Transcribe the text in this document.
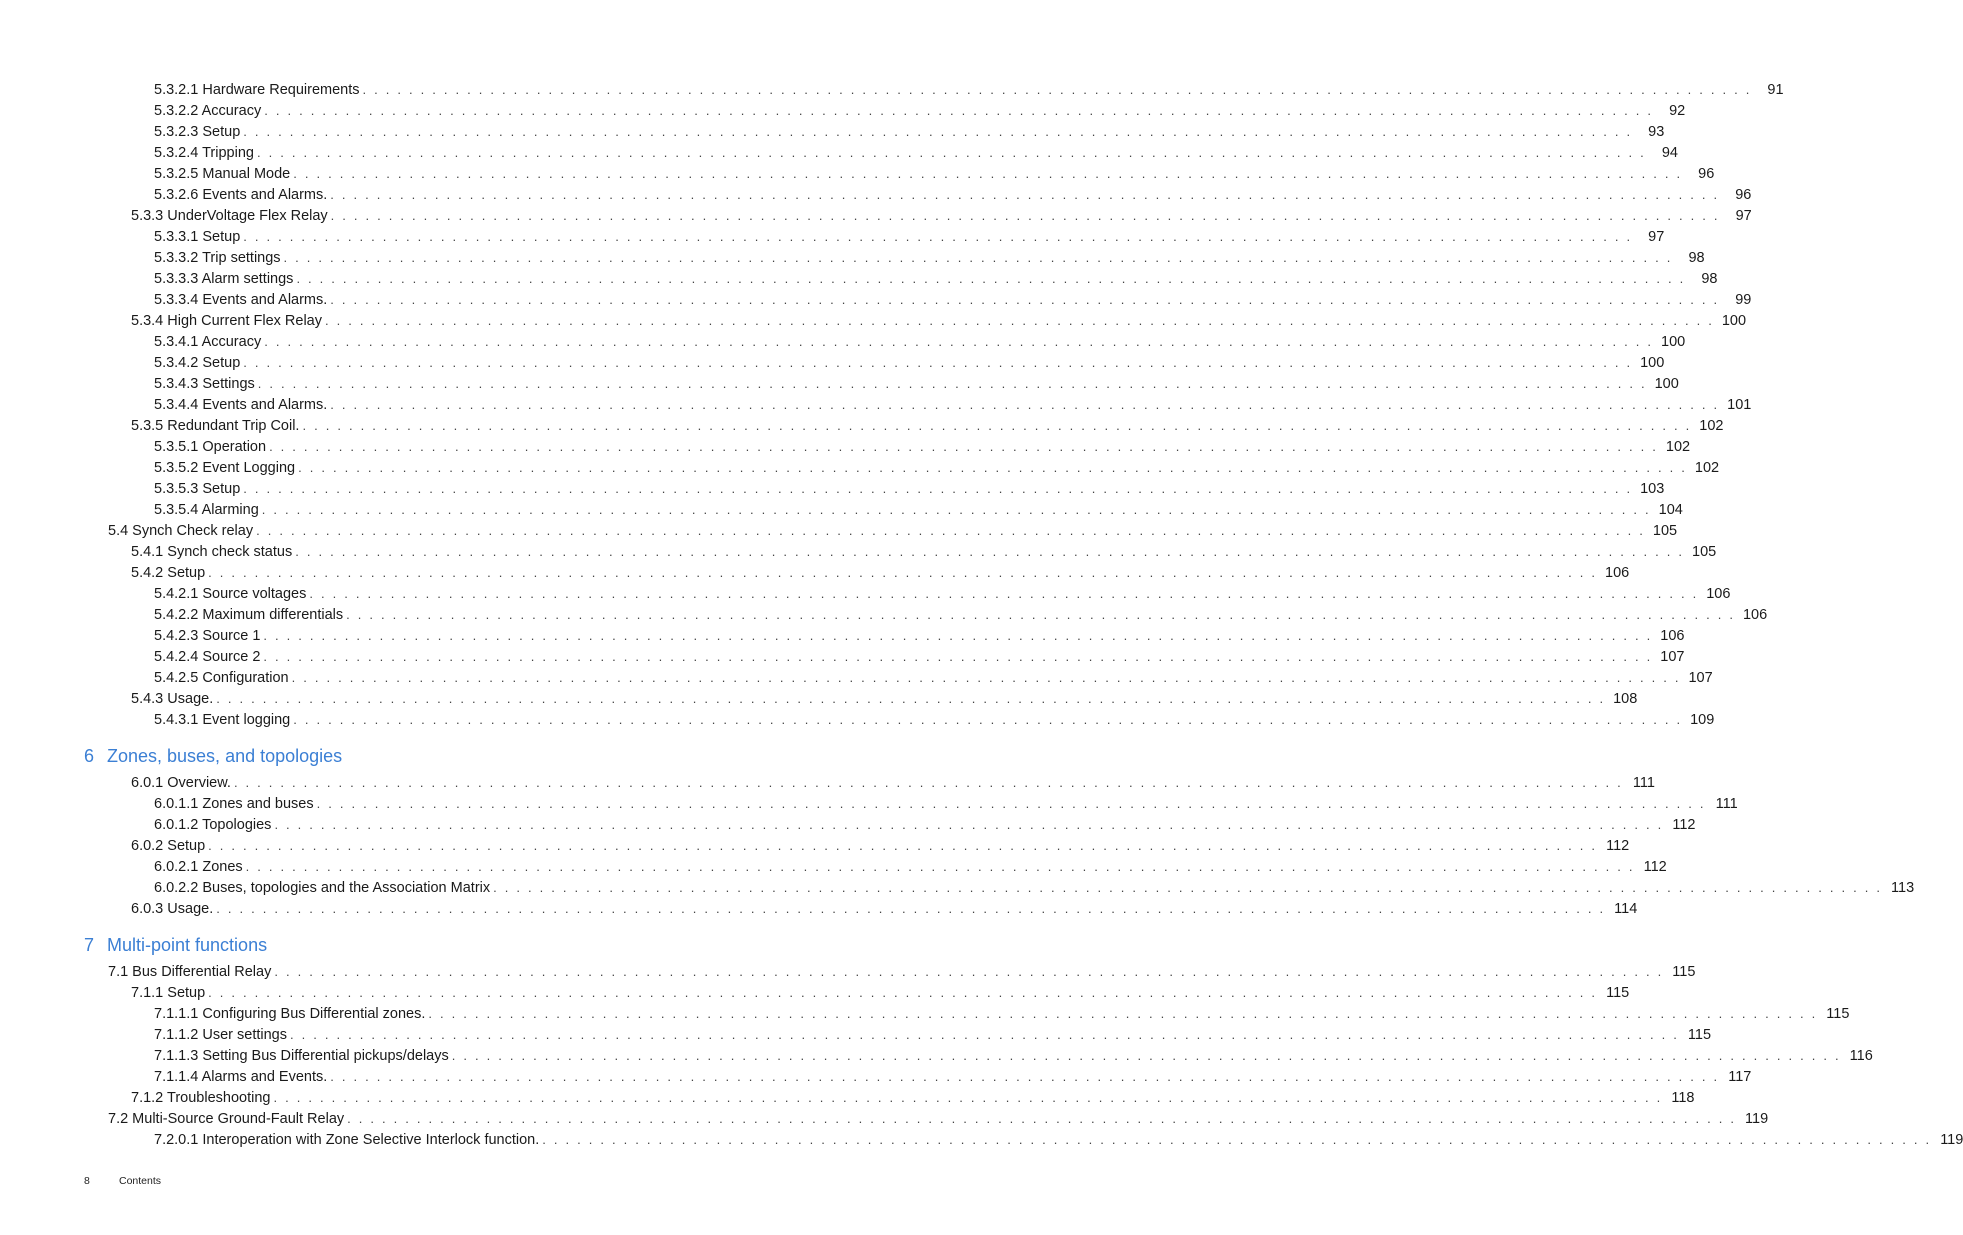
5.3.2.1 Hardware Requirements . . . . . . . . . . . . . . . . . . . . . . . . . . . . . . . . . . . . . . . . . . . . . . . . . . . . . . . . . . . . . . . . . . . . . . . . . . . . . . . . . . . . . . . . . . . . . . . . . . . . . . . . . . . . . . . . . . . . . . . .	91
5.3.2.2 Accuracy . . . . . . . . . . . . . . . . . . . . . . . . . . . . . . . . . . . . . . . . . . . . . . . . . . . . . . . . . . . . . . . . . . . . . . . . . . . . . . . . . . . . . . . . . . . . . . . . . . . . . . . . . . . . . . . . . . . . . . . .	92
5.3.2.3 Setup . . . . . . . . . . . . . . . . . . . . . . . . . . . . . . . . . . . . . . . . . . . . . . . . . . . . . . . . . . . . . . . . . . . . . . . . . . . . . . . . . . . . . . . . . . . . . . . . . . . . . . . . . . . . . . . . . . . . . . . .	93
5.3.2.4 Tripping . . . . . . . . . . . . . . . . . . . . . . . . . . . . . . . . . . . . . . . . . . . . . . . . . . . . . . . . . . . . . . . . . . . . . . . . . . . . . . . . . . . . . . . . . . . . . . . . . . . . . . . . . . . . . . . . . . . . . . . .	94
5.3.2.5 Manual Mode . . . . . . . . . . . . . . . . . . . . . . . . . . . . . . . . . . . . . . . . . . . . . . . . . . . . . . . . . . . . . . . . . . . . . . . . . . . . . . . . . . . . . . . . . . . . . . . . . . . . . . . . . . . . . . . . . . . . . . . .	96
5.3.2.6 Events and Alarms. . . . . . . . . . . . . . . . . . . . . . . . . . . . . . . . . . . . . . . . . . . . . . . . . . . . . . . . . . . . . . . . . . . . . . . . . . . . . . . . . . . . . . . . . . . . . . . . . . . . . . . . . . . . . . . . . . . . . . . . .	96
5.3.3 UnderVoltage Flex Relay . . . . . . . . . . . . . . . . . . . . . . . . . . . . . . . . . . . . . . . . . . . . . . . . . . . . . . . . . . . . . . . . . . . . . . . . . . . . . . . . . . . . . . . . . . . . . . . . . . . . . . . . . . . . . . . . . . . . . . . .	97
5.3.3.1 Setup . . . . . . . . . . . . . . . . . . . . . . . . . . . . . . . . . . . . . . . . . . . . . . . . . . . . . . . . . . . . . . . . . . . . . . . . . . . . . . . . . . . . . . . . . . . . . . . . . . . . . . . . . . . . . . . . . . . . . . . .	97
5.3.3.2 Trip settings . . . . . . . . . . . . . . . . . . . . . . . . . . . . . . . . . . . . . . . . . . . . . . . . . . . . . . . . . . . . . . . . . . . . . . . . . . . . . . . . . . . . . . . . . . . . . . . . . . . . . . . . . . . . . . . . . . . . . . . .	98
5.3.3.3 Alarm settings . . . . . . . . . . . . . . . . . . . . . . . . . . . . . . . . . . . . . . . . . . . . . . . . . . . . . . . . . . . . . . . . . . . . . . . . . . . . . . . . . . . . . . . . . . . . . . . . . . . . . . . . . . . . . . . . . . . . . . . .	98
5.3.3.4 Events and Alarms. . . . . . . . . . . . . . . . . . . . . . . . . . . . . . . . . . . . . . . . . . . . . . . . . . . . . . . . . . . . . . . . . . . . . . . . . . . . . . . . . . . . . . . . . . . . . . . . . . . . . . . . . . . . . . . . . . . . . . . . .	99
5.3.4 High Current Flex Relay . . . . . . . . . . . . . . . . . . . . . . . . . . . . . . . . . . . . . . . . . . . . . . . . . . . . . . . . . . . . . . . . . . . . . . . . . . . . . . . . . . . . . . . . . . . . . . . . . . . . . . . . . . . . . . . . . . . . . . . . 100
5.3.4.1 Accuracy . . . . . . . . . . . . . . . . . . . . . . . . . . . . . . . . . . . . . . . . . . . . . . . . . . . . . . . . . . . . . . . . . . . . . . . . . . . . . . . . . . . . . . . . . . . . . . . . . . . . . . . . . . . . . . . . . . . . . . . . 100
5.3.4.2 Setup . . . . . . . . . . . . . . . . . . . . . . . . . . . . . . . . . . . . . . . . . . . . . . . . . . . . . . . . . . . . . . . . . . . . . . . . . . . . . . . . . . . . . . . . . . . . . . . . . . . . . . . . . . . . . . . . . . . . . . . . 100
5.3.4.3 Settings . . . . . . . . . . . . . . . . . . . . . . . . . . . . . . . . . . . . . . . . . . . . . . . . . . . . . . . . . . . . . . . . . . . . . . . . . . . . . . . . . . . . . . . . . . . . . . . . . . . . . . . . . . . . . . . . . . . . . . . . 100
5.3.4.4 Events and Alarms. . . . . . . . . . . . . . . . . . . . . . . . . . . . . . . . . . . . . . . . . . . . . . . . . . . . . . . . . . . . . . . . . . . . . . . . . . . . . . . . . . . . . . . . . . . . . . . . . . . . . . . . . . . . . . . . . . . . . . . . . 101
5.3.5 Redundant Trip Coil. . . . . . . . . . . . . . . . . . . . . . . . . . . . . . . . . . . . . . . . . . . . . . . . . . . . . . . . . . . . . . . . . . . . . . . . . . . . . . . . . . . . . . . . . . . . . . . . . . . . . . . . . . . . . . . . . . . . . . . . . 102
5.3.5.1 Operation . . . . . . . . . . . . . . . . . . . . . . . . . . . . . . . . . . . . . . . . . . . . . . . . . . . . . . . . . . . . . . . . . . . . . . . . . . . . . . . . . . . . . . . . . . . . . . . . . . . . . . . . . . . . . . . . . . . . . . . . 102
5.3.5.2 Event Logging . . . . . . . . . . . . . . . . . . . . . . . . . . . . . . . . . . . . . . . . . . . . . . . . . . . . . . . . . . . . . . . . . . . . . . . . . . . . . . . . . . . . . . . . . . . . . . . . . . . . . . . . . . . . . . . . . . . . . . . . 102
5.3.5.3 Setup . . . . . . . . . . . . . . . . . . . . . . . . . . . . . . . . . . . . . . . . . . . . . . . . . . . . . . . . . . . . . . . . . . . . . . . . . . . . . . . . . . . . . . . . . . . . . . . . . . . . . . . . . . . . . . . . . . . . . . . . 103
5.3.5.4 Alarming . . . . . . . . . . . . . . . . . . . . . . . . . . . . . . . . . . . . . . . . . . . . . . . . . . . . . . . . . . . . . . . . . . . . . . . . . . . . . . . . . . . . . . . . . . . . . . . . . . . . . . . . . . . . . . . . . . . . . . . . 104
5.4 Synch Check relay . . . . . . . . . . . . . . . . . . . . . . . . . . . . . . . . . . . . . . . . . . . . . . . . . . . . . . . . . . . . . . . . . . . . . . . . . . . . . . . . . . . . . . . . . . . . . . . . . . . . . . . . . . . . . . . . . . . . . . . . 105
5.4.1 Synch check status . . . . . . . . . . . . . . . . . . . . . . . . . . . . . . . . . . . . . . . . . . . . . . . . . . . . . . . . . . . . . . . . . . . . . . . . . . . . . . . . . . . . . . . . . . . . . . . . . . . . . . . . . . . . . . . . . . . . . . . . 105
5.4.2 Setup . . . . . . . . . . . . . . . . . . . . . . . . . . . . . . . . . . . . . . . . . . . . . . . . . . . . . . . . . . . . . . . . . . . . . . . . . . . . . . . . . . . . . . . . . . . . . . . . . . . . . . . . . . . . . . . . . . . . . . . . 106
5.4.2.1 Source voltages . . . . . . . . . . . . . . . . . . . . . . . . . . . . . . . . . . . . . . . . . . . . . . . . . . . . . . . . . . . . . . . . . . . . . . . . . . . . . . . . . . . . . . . . . . . . . . . . . . . . . . . . . . . . . . . . . . . . . . . . 106
5.4.2.2 Maximum differentials . . . . . . . . . . . . . . . . . . . . . . . . . . . . . . . . . . . . . . . . . . . . . . . . . . . . . . . . . . . . . . . . . . . . . . . . . . . . . . . . . . . . . . . . . . . . . . . . . . . . . . . . . . . . . . . . . . . . . . . . 106
5.4.2.3 Source 1 . . . . . . . . . . . . . . . . . . . . . . . . . . . . . . . . . . . . . . . . . . . . . . . . . . . . . . . . . . . . . . . . . . . . . . . . . . . . . . . . . . . . . . . . . . . . . . . . . . . . . . . . . . . . . . . . . . . . . . . . 106
5.4.2.4 Source 2 . . . . . . . . . . . . . . . . . . . . . . . . . . . . . . . . . . . . . . . . . . . . . . . . . . . . . . . . . . . . . . . . . . . . . . . . . . . . . . . . . . . . . . . . . . . . . . . . . . . . . . . . . . . . . . . . . . . . . . . . 107
5.4.2.5 Configuration . . . . . . . . . . . . . . . . . . . . . . . . . . . . . . . . . . . . . . . . . . . . . . . . . . . . . . . . . . . . . . . . . . . . . . . . . . . . . . . . . . . . . . . . . . . . . . . . . . . . . . . . . . . . . . . . . . . . . . . . 107
5.4.3 Usage. . . . . . . . . . . . . . . . . . . . . . . . . . . . . . . . . . . . . . . . . . . . . . . . . . . . . . . . . . . . . . . . . . . . . . . . . . . . . . . . . . . . . . . . . . . . . . . . . . . . . . . . . . . . . . . . . . . . . . . . . 108
5.4.3.1 Event logging . . . . . . . . . . . . . . . . . . . . . . . . . . . . . . . . . . . . . . . . . . . . . . . . . . . . . . . . . . . . . . . . . . . . . . . . . . . . . . . . . . . . . . . . . . . . . . . . . . . . . . . . . . . . . . . . . . . . . . . . 109
6 Zones, buses, and topologies
6.0.1 Overview. . . . . . . . . . . . . . . . . . . . . . . . . . . . . . . . . . . . . . . . . . . . . . . . . . . . . . . . . . . . . . . . . . . . . . . . . . . . . . . . . . . . . . . . . . . . . . . . . . . . . . . . . . . . . . . . . . . . . . . . . 111
6.0.1.1 Zones and buses . . . . . . . . . . . . . . . . . . . . . . . . . . . . . . . . . . . . . . . . . . . . . . . . . . . . . . . . . . . . . . . . . . . . . . . . . . . . . . . . . . . . . . . . . . . . . . . . . . . . . . . . . . . . . . . . . . . . . . . . 111
6.0.1.2 Topologies . . . . . . . . . . . . . . . . . . . . . . . . . . . . . . . . . . . . . . . . . . . . . . . . . . . . . . . . . . . . . . . . . . . . . . . . . . . . . . . . . . . . . . . . . . . . . . . . . . . . . . . . . . . . . . . . . . . . . . . . 112
6.0.2 Setup . . . . . . . . . . . . . . . . . . . . . . . . . . . . . . . . . . . . . . . . . . . . . . . . . . . . . . . . . . . . . . . . . . . . . . . . . . . . . . . . . . . . . . . . . . . . . . . . . . . . . . . . . . . . . . . . . . . . . . . . 112
6.0.2.1 Zones . . . . . . . . . . . . . . . . . . . . . . . . . . . . . . . . . . . . . . . . . . . . . . . . . . . . . . . . . . . . . . . . . . . . . . . . . . . . . . . . . . . . . . . . . . . . . . . . . . . . . . . . . . . . . . . . . . . . . . . . 112
6.0.2.2 Buses, topologies and the Association Matrix . . . . . . . . . . . . . . . . . . . . . . . . . . . . . . . . . . . . . . . . . . . . . . . . . . . . . . . . . . . . . . . . . . . . . . . . . . . . . . . . . . . . . . . . . . . . . . . . . . . . . . . . . . . . . . . . . . . . . . . . 113
6.0.3 Usage. . . . . . . . . . . . . . . . . . . . . . . . . . . . . . . . . . . . . . . . . . . . . . . . . . . . . . . . . . . . . . . . . . . . . . . . . . . . . . . . . . . . . . . . . . . . . . . . . . . . . . . . . . . . . . . . . . . . . . . . . 114
7 Multi-point functions
7.1 Bus Differential Relay . . . . . . . . . . . . . . . . . . . . . . . . . . . . . . . . . . . . . . . . . . . . . . . . . . . . . . . . . . . . . . . . . . . . . . . . . . . . . . . . . . . . . . . . . . . . . . . . . . . . . . . . . . . . . . . . . . . . . . . . 115
7.1.1 Setup . . . . . . . . . . . . . . . . . . . . . . . . . . . . . . . . . . . . . . . . . . . . . . . . . . . . . . . . . . . . . . . . . . . . . . . . . . . . . . . . . . . . . . . . . . . . . . . . . . . . . . . . . . . . . . . . . . . . . . . . 115
7.1.1.1 Configuring Bus Differential zones. . . . . . . . . . . . . . . . . . . . . . . . . . . . . . . . . . . . . . . . . . . . . . . . . . . . . . . . . . . . . . . . . . . . . . . . . . . . . . . . . . . . . . . . . . . . . . . . . . . . . . . . . . . . . . . . . . . . . . . . . 115
7.1.1.2 User settings . . . . . . . . . . . . . . . . . . . . . . . . . . . . . . . . . . . . . . . . . . . . . . . . . . . . . . . . . . . . . . . . . . . . . . . . . . . . . . . . . . . . . . . . . . . . . . . . . . . . . . . . . . . . . . . . . . . . . . . . 115
7.1.1.3 Setting Bus Differential pickups/delays . . . . . . . . . . . . . . . . . . . . . . . . . . . . . . . . . . . . . . . . . . . . . . . . . . . . . . . . . . . . . . . . . . . . . . . . . . . . . . . . . . . . . . . . . . . . . . . . . . . . . . . . . . . . . . . . . . . . . . . . 116
7.1.1.4 Alarms and Events. . . . . . . . . . . . . . . . . . . . . . . . . . . . . . . . . . . . . . . . . . . . . . . . . . . . . . . . . . . . . . . . . . . . . . . . . . . . . . . . . . . . . . . . . . . . . . . . . . . . . . . . . . . . . . . . . . . . . . . . . 117
7.1.2 Troubleshooting . . . . . . . . . . . . . . . . . . . . . . . . . . . . . . . . . . . . . . . . . . . . . . . . . . . . . . . . . . . . . . . . . . . . . . . . . . . . . . . . . . . . . . . . . . . . . . . . . . . . . . . . . . . . . . . . . . . . . . . . 118
7.2 Multi-Source Ground-Fault Relay . . . . . . . . . . . . . . . . . . . . . . . . . . . . . . . . . . . . . . . . . . . . . . . . . . . . . . . . . . . . . . . . . . . . . . . . . . . . . . . . . . . . . . . . . . . . . . . . . . . . . . . . . . . . . . . . . . . . . . . . 119
7.2.0.1 Interoperation with Zone Selective Interlock function. . . . . . . . . . . . . . . . . . . . . . . . . . . . . . . . . . . . . . . . . . . . . . . . . . . . . . . . . . . . . . . . . . . . . . . . . . . . . . . . . . . . . . . . . . . . . . . . . . . . . . . . . . . . . . . . . . . . . . . . . 119
8	Contents
